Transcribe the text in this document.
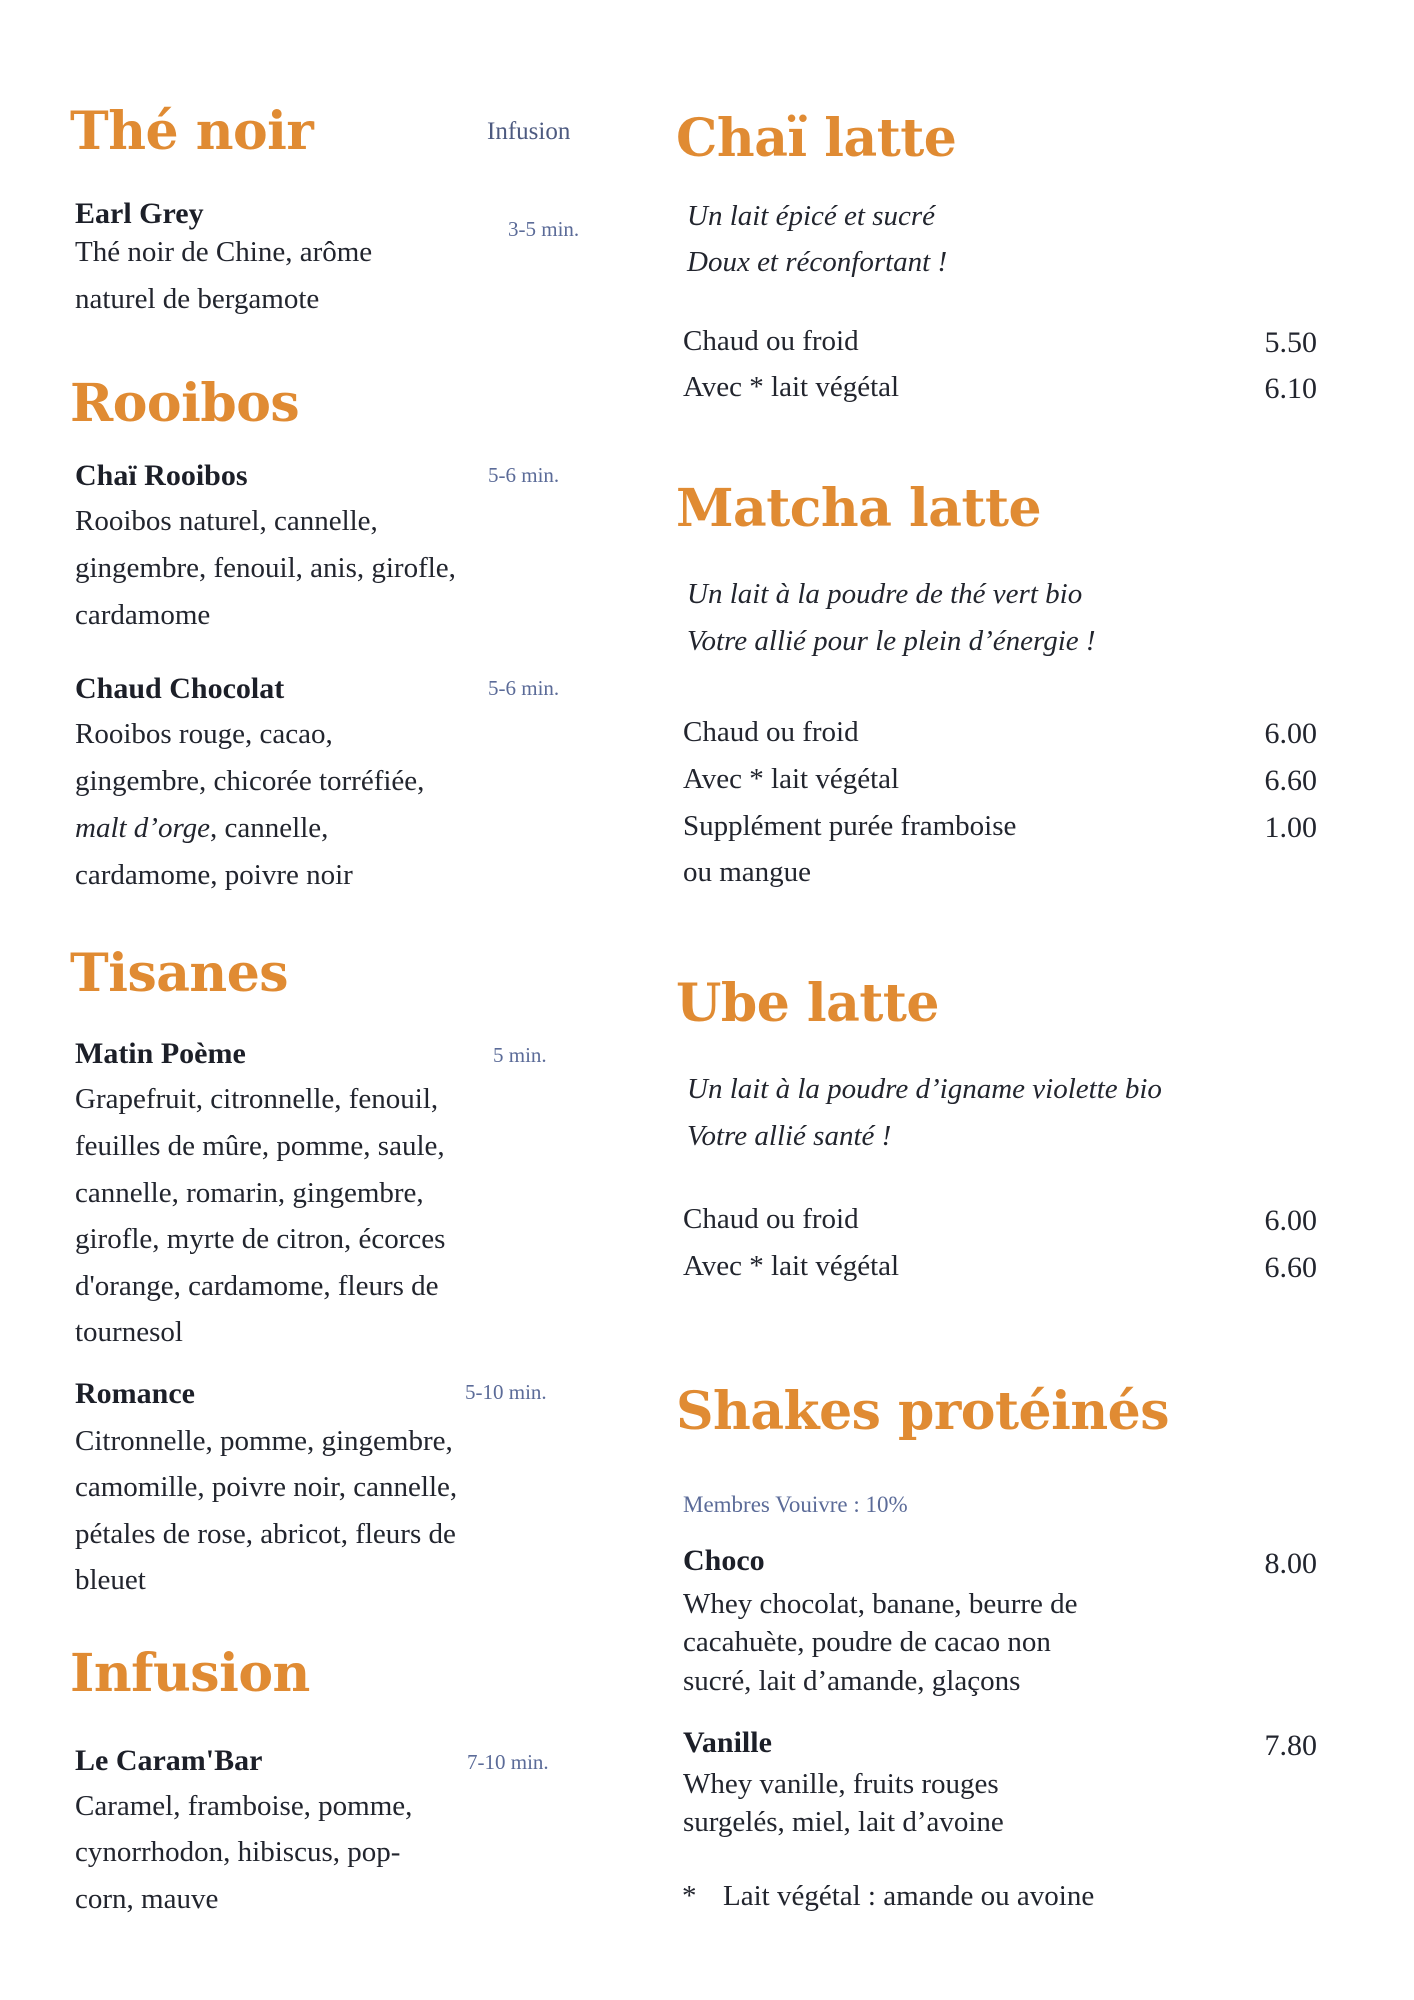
Thé noir	Infusion
Earl Grey	3-5 min.
Thé noir de Chine, arôme
naturel de bergamote
Rooibos
Chaï Rooibos	5-6 min.
Rooibos naturel, cannelle,
gingembre, fenouil, anis, girofle,
cardamome
Chaud Chocolat	5-6 min.
Rooibos rouge, cacao,
gingembre, chicorée torréfiée,
malt d’orge, cannelle,
cardamome, poivre noir
Tisanes
Matin Poème	5 min.
Grapefruit, citronnelle, fenouil,
feuilles de mûre, pomme, saule,
cannelle, romarin, gingembre,
girofle, myrte de citron, écorces
d'orange, cardamome, fleurs de
tournesol
Romance	5-10 min.
Citronnelle, pomme, gingembre,
camomille, poivre noir, cannelle,
pétales de rose, abricot, fleurs de
bleuet
Infusion
Le Caram'Bar	7-10 min.
Caramel, framboise, pomme,
cynorrhodon, hibiscus, pop-
corn, mauve
Chaï latte
Un lait épicé et sucré
Doux et réconfortant !
Chaud ou froid	5.50
Avec * lait végétal	6.10
Matcha latte
Un lait à la poudre de thé vert bio
Votre allié pour le plein d’énergie !
Chaud ou froid	6.00
Avec * lait végétal	6.60
Supplément purée framboise	1.00
ou mangue
Ube latte
Un lait à la poudre d’igname violette bio
Votre allié santé !
Chaud ou froid	6.00
Avec * lait végétal	6.60
Shakes protéinés
Membres Vouivre : 10%
Choco	8.00
Whey chocolat, banane, beurre de
cacahuète, poudre de cacao non
sucré, lait d’amande, glaçons
Vanille	7.80
Whey vanille, fruits rouges
surgelés, miel, lait d’avoine
* Lait végétal : amande ou avoine
